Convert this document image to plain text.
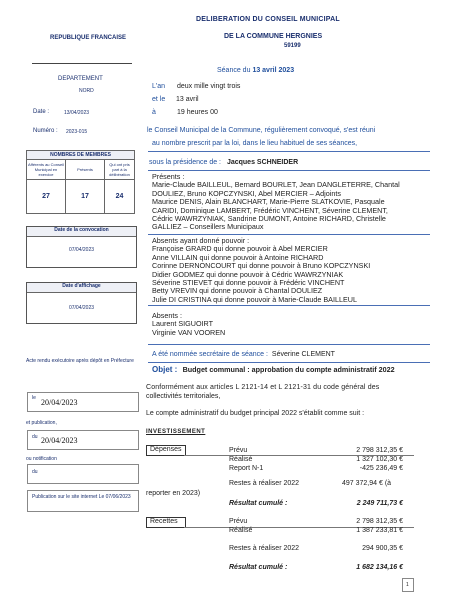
DELIBERATION DU CONSEIL MUNICIPAL
REPUBLIQUE FRANCAISE	DE LA COMMUNE HERGNIES
59199
DEPARTEMENT
NORD
Date :	13/04/2023
Numéro : 2023-015
NOMBRES DE MEMBRES		
Afférents au Conseil Municipal en exercice	Présents	Qui ont pris part à la délibération
27	17	24
Date de la convocation
07/04/2023
Date d'affichage
07/04/2023
Acte rendu exécutoire après dépôt en Préfecture
le 20/04/2023
et publication,
du 20/04/2023
ou notification
du
Publication sur le site internet Le 07/06/2023
Séance du 13 avril 2023
L'an deux mille vingt trois
et le 13 avril
à	19 heures 00
le Conseil Municipal de la Commune, régulièrement convoqué, s'est réuni
au nombre prescrit par la loi, dans le lieu habituel de ses séances,
sous la présidence de : Jacques SCHNEIDER
Présents :
Marie-Claude BAILLEUL, Bernard BOURLET, Jean DANGLETERRE, Chantal
DOULIEZ, Bruno KOPCZYNSKI, Abel MERCIER – Adjoints
Maurice DENIS, Alain BLANCHART, Marie-Pierre SLATKOVIE, Pasquale
CARIDI, Dominique LAMBERT, Frédéric VINCHENT, Séverine CLEMENT,
Cédric WAWRZYNIAK, Sandrine DUMONT, Antoine RICHARD, Christelle
GALLIEZ – Conseillers Municipaux
Absents ayant donné pouvoir :
Françoise GRARD qui donne pouvoir à Abel MERCIER
Anne VILLAIN qui donne pouvoir à Antoine RICHARD
Corinne DERNONCOURT qui donne pouvoir à Bruno KOPCZYNSKI
Didier GODMEZ qui donne pouvoir à Cédric WAWRZYNIAK
Séverine STIEVET qui donne pouvoir à Frédéric VINCHENT
Betty VREVIN qui donne pouvoir à Chantal DOULIEZ
Julie DI CRISTINA qui donne pouvoir à Marie-Claude BAILLEUL
Absents :
Laurent SIGUOIRT
Virginie VAN VOOREN
A été nommée secrétaire de séance : Séverine CLEMENT
Objet : Budget communal : approbation du compte administratif 2022
Conformément aux articles L 2121-14 et L 2121-31 du code général des
collectivités territoriales,
Le compte administratif du budget principal 2022 s'établit comme suit :
INVESTISSEMENT
Dépenses	Prévu	2 798 312,35 €
Réalisé	1 327 102,30 €
Report N-1	-425 236,49 €
Restes à réaliser 2022	497 372,94 € (à
reporter en 2023)
Résultat cumulé :	2 249 711,73 €
Recettes	Prévu	2 798 312,35 €
Réalisé	1 387 233,81 €
Restes à réaliser 2022	294 900,35 €
Résultat cumulé :	1 682 134,16 €
1
